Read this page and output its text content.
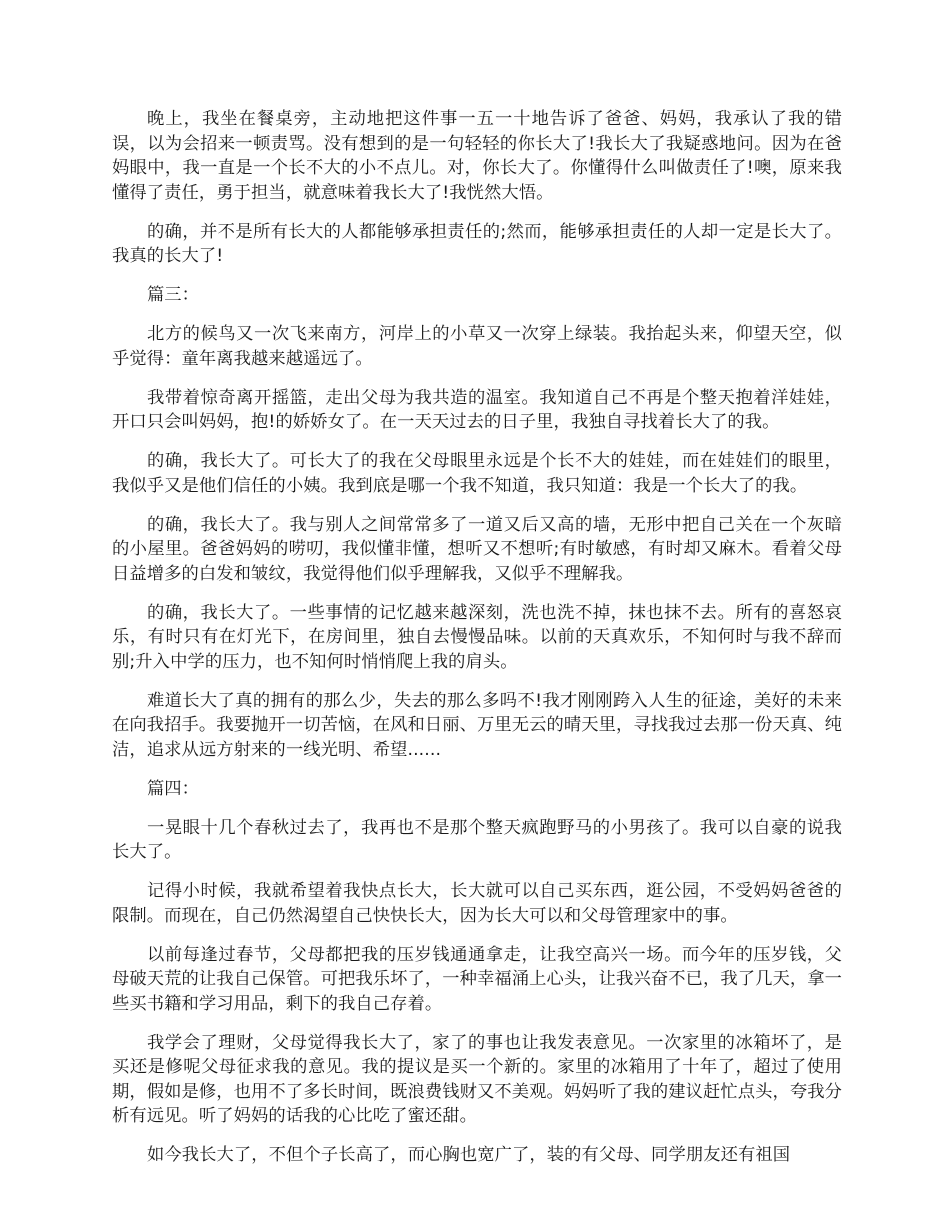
晚上，我坐在餐桌旁，主动地把这件事一五一十地告诉了爸爸、妈妈，我承认了我的错误，以为会招来一顿责骂。没有想到的是一句轻轻的你长大了!我长大了我疑惑地问。因为在爸妈眼中，我一直是一个长不大的小不点儿。对，你长大了。你懂得什么叫做责任了!噢，原来我懂得了责任，勇于担当，就意味着我长大了!我恍然大悟。

的确，并不是所有长大的人都能够承担责任的;然而，能够承担责任的人却一定是长大了。我真的长大了!

篇三：

北方的候鸟又一次飞来南方，河岸上的小草又一次穿上绿装。我抬起头来，仰望天空，似乎觉得：童年离我越来越遥远了。

我带着惊奇离开摇篮，走出父母为我共造的温室。我知道自己不再是个整天抱着洋娃娃，开口只会叫妈妈，抱!的娇娇女了。在一天天过去的日子里，我独自寻找着长大了的我。

的确，我长大了。可长大了的我在父母眼里永远是个长不大的娃娃，而在娃娃们的眼里，我似乎又是他们信任的小姨。我到底是哪一个我不知道，我只知道：我是一个长大了的我。

的确，我长大了。我与别人之间常常多了一道又后又高的墙，无形中把自己关在一个灰暗的小屋里。爸爸妈妈的唠叨，我似懂非懂，想听又不想听;有时敏感，有时却又麻木。看着父母日益增多的白发和皱纹，我觉得他们似乎理解我，又似乎不理解我。

的确，我长大了。一些事情的记忆越来越深刻，洗也洗不掉，抹也抹不去。所有的喜怒哀乐，有时只有在灯光下，在房间里，独自去慢慢品味。以前的天真欢乐，不知何时与我不辞而别;升入中学的压力，也不知何时悄悄爬上我的肩头。

难道长大了真的拥有的那么少，失去的那么多吗不!我才刚刚跨入人生的征途，美好的未来在向我招手。我要抛开一切苦恼，在风和日丽、万里无云的晴天里，寻找我过去那一份天真、纯洁，追求从远方射来的一线光明、希望......

篇四：

一晃眼十几个春秋过去了，我再也不是那个整天疯跑野马的小男孩了。我可以自豪的说我长大了。

记得小时候，我就希望着我快点长大，长大就可以自己买东西，逛公园，不受妈妈爸爸的限制。而现在，自己仍然渴望自己快快长大，因为长大可以和父母管理家中的事。

以前每逢过春节，父母都把我的压岁钱通通拿走，让我空高兴一场。而今年的压岁钱，父母破天荒的让我自己保管。可把我乐坏了，一种幸福涌上心头，让我兴奋不已，我了几天，拿一些买书籍和学习用品，剩下的我自己存着。

我学会了理财，父母觉得我长大了，家了的事也让我发表意见。一次家里的冰箱坏了，是买还是修呢父母征求我的意见。我的提议是买一个新的。家里的冰箱用了十年了，超过了使用期，假如是修，也用不了多长时间，既浪费钱财又不美观。妈妈听了我的建议赶忙点头，夸我分析有远见。听了妈妈的话我的心比吃了蜜还甜。

如今我长大了，不但个子长高了，而心胸也宽广了，装的有父母、同学朋友还有祖国
